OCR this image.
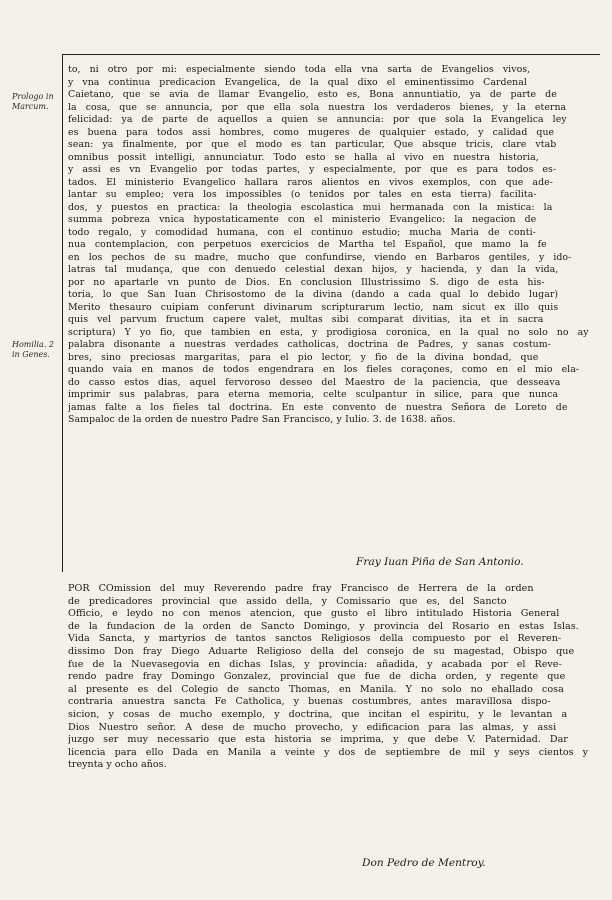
Prologo in Marcum.
Homilia. 2 in Genes.
to, ni otro por mi: especialmente siendo toda ella vna sarta de Evangelios vivos,
y vna continua predicacion Evangelica, de la qual dixo el eminentissimo Cardenal
Caietano, que se avia de llamar Evangelio, esto es, Bona annuntiatio, ya de parte de
la cosa, que se annuncia, por que ella sola nuestra los verdaderos bienes, y la eterna
felicidad: ya de parte de aquellos a quien se annuncia: por que sola la Evangelica ley
es buena para todos assi hombres, como mugeres de qualquier estado, y calidad que
sean: ya finalmente, por que el modo es tan particular, Que absque tricis, clare vtab
omnibus possit intelligi, annunciatur. Todo esto se halla al vivo en nuestra historia,
y assi es vn Evangelio por todas partes, y especialmente, por que es para todos es-
tados. El ministerio Evangelico hallara raros alientos en vivos exemplos, con que ade-
lantar su empleo; vera los impossibles (o tenidos por tales en esta tierra) facilita-
dos, y puestos en practica: la theologia escolastica mui hermanada con la mistica: la
summa pobreza vnica hypostaticamente con el ministerio Evangelico: la negacion de
todo regalo, y comodidad humana, con el continuo estudio; mucha Maria de conti-
nua contemplacion, con perpetuos exercicios de Martha tel Español, que mamo la fe
en los pechos de su madre, mucho que confundirse, viendo en Barbaros gentiles, y ido-
latras tal mudança, que con denuedo celestial dexan hijos, y hacienda, y dan la vida,
por no apartarle vn punto de Dios. En conclusion Illustrissimo S. digo de esta his-
toria, lo que San Iuan Chrisostomo de la divina (dando a cada qual lo debido lugar)
Merito thesauro cuipiam conferunt divinarum scripturarum lectio, nam sicut ex illo quis
quis vel parvum fructum capere valet, multas sibi comparat divitias, ita et in sacra
scriptura) Y yo fio, que tambien en esta, y prodigiosa coronica, en la qual no solo no ay
palabra disonante a nuestras verdades catholicas, doctrina de Padres, y sanas costum-
bres, sino preciosas margaritas, para el pio lector, y fio de la divina bondad, que
quando vaia en manos de todos engendrara en los fieles coraçones, como en el mio ela-
do casso estos dias, aquel fervoroso desseo del Maestro de la paciencia, que desseava
imprimir sus palabras, para eterna memoria, celte sculpantur in silice, para que nunca
jamas falte a los fieles tal doctrina. En este convento de nuestra Señora de Loreto de
Sampaloc de la orden de nuestro Padre San Francisco, y Iulio. 3. de 1638. años.
Fray Iuan Piña de San Antonio.
POR COmission del muy Reverendo padre fray Francisco de Herrera de la orden
de predicadores provincial que assido della, y Comissario que es, del Sancto
Officio, e leydo no con menos atencion, que gusto el libro intitulado Historia General
de la fundacion de la orden de Sancto Domingo, y provincia del Rosario en estas Islas.
Vida Sancta, y martyrios de tantos sanctos Religiosos della compuesto por el Reveren-
dissimo Don fray Diego Aduarte Religioso della del consejo de su magestad, Obispo que
fue de la Nuevasegovia en dichas Islas, y provincia: añadida, y acabada por el Reve-
rendo padre fray Domingo Gonzalez, provincial que fue de dicha orden, y regente que
al presente es del Colegio de sancto Thomas, en Manila. Y no solo no ehallado cosa
contraria anuestra sancta Fe Catholica, y buenas costumbres, antes maravillosa dispo-
sicion, y cosas de mucho exemplo, y doctrina, que incitan el espiritu, y le levantan a
Dios Nuestro señor. A dese de mucho provecho, y edificacion para las almas, y assi
juzgo ser muy necessario que esta historia se imprima, y que debe V. Paternidad. Dar
licencia para ello Dada en Manila a veinte y dos de septiembre de mil y seys cientos y
treynta y ocho años.
Don Pedro de Mentroy.
